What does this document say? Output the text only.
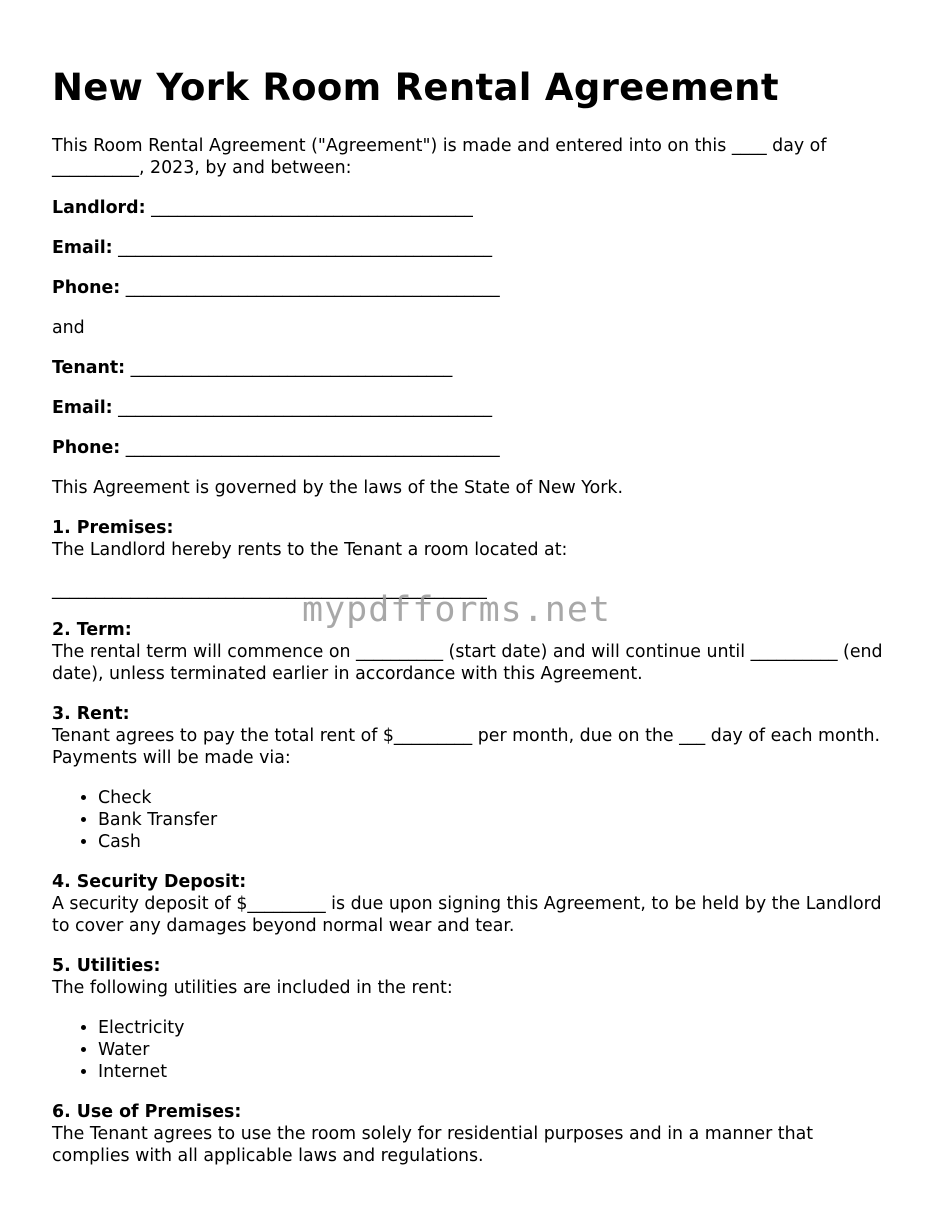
New York Room Rental Agreement

This Room Rental Agreement ("Agreement") is made and entered into on this ____ day of __________, 2023, by and between:

Landlord: _____________________________________

Email: ___________________________________________

Phone: ___________________________________________

and

Tenant: _____________________________________

Email: ___________________________________________

Phone: ___________________________________________

This Agreement is governed by the laws of the State of New York.

1. Premises:
The Landlord hereby rents to the Tenant a room located at:
__________________________________________________
2. Term:
The rental term will commence on __________ (start date) and will continue until __________ (end date), unless terminated earlier in accordance with this Agreement.
3. Rent:
Tenant agrees to pay the total rent of $_________ per month, due on the ___ day of each month. Payments will be made via:
• Check
• Bank Transfer
• Cash
4. Security Deposit:
A security deposit of $_________ is due upon signing this Agreement, to be held by the Landlord to cover any damages beyond normal wear and tear.
5. Utilities:
The following utilities are included in the rent:
• Electricity
• Water
• Internet
6. Use of Premises:
The Tenant agrees to use the room solely for residential purposes and in a manner that complies with all applicable laws and regulations.
mypdfforms.net
